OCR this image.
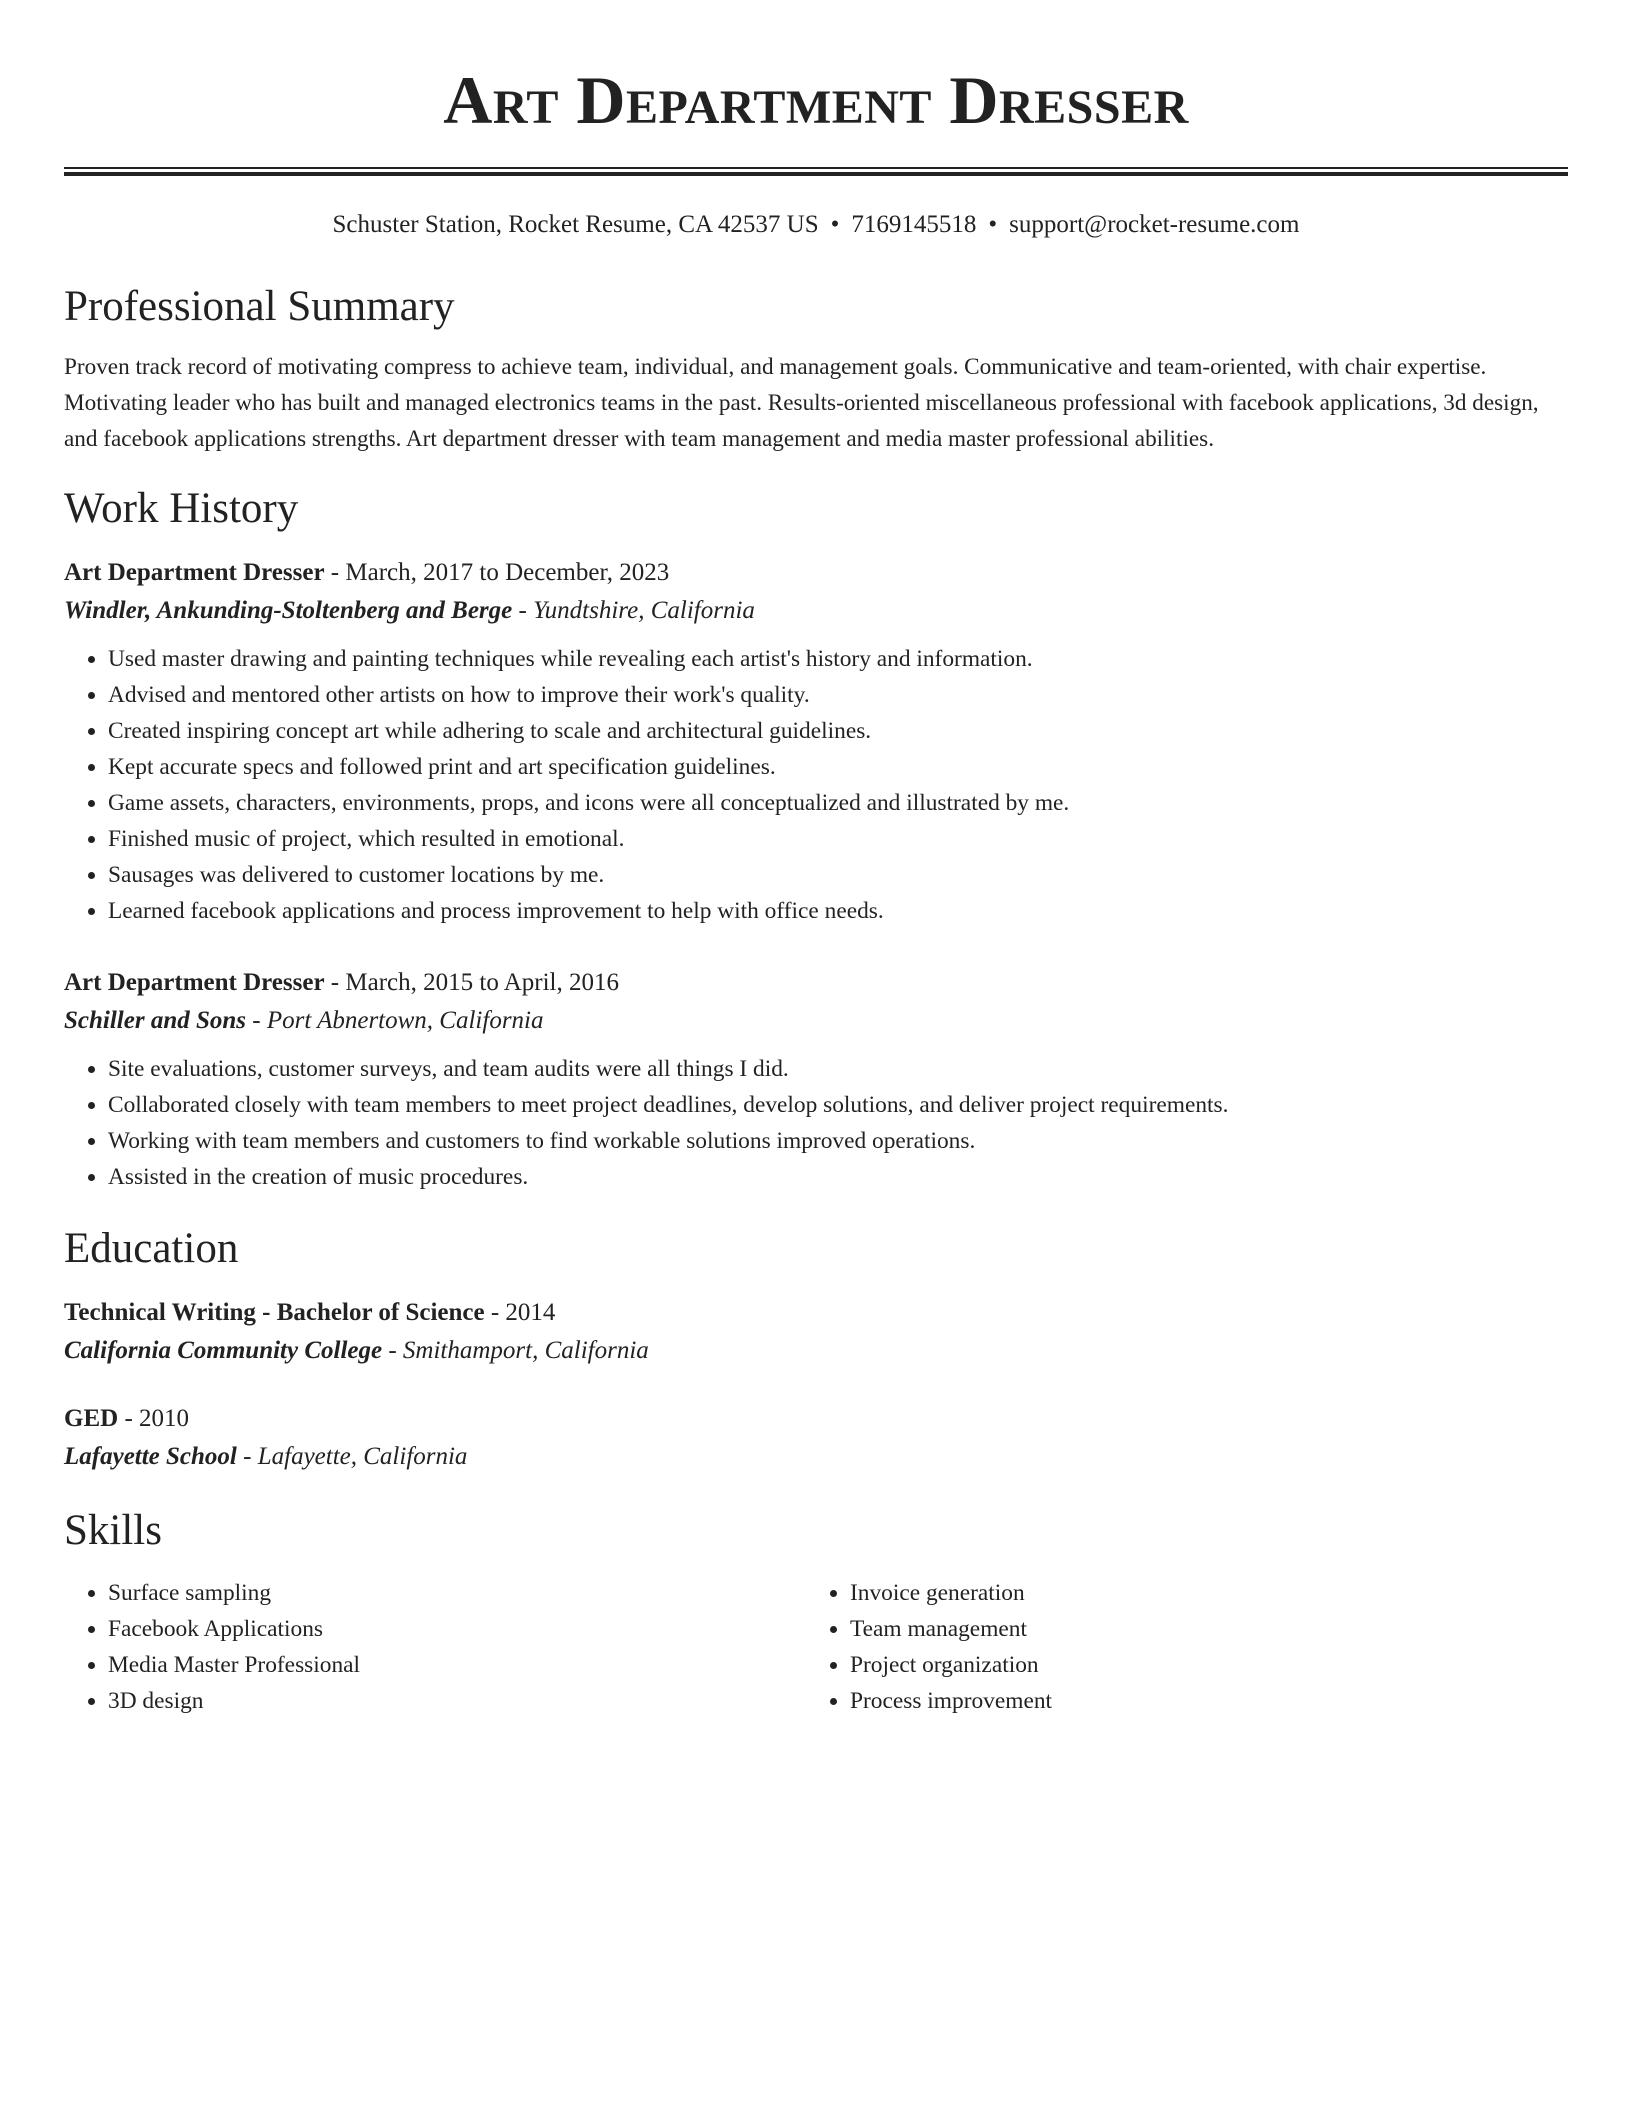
Art Department Dresser
Schuster Station, Rocket Resume, CA 42537 US • 7169145518 • support@rocket-resume.com
Professional Summary

Proven track record of motivating compress to achieve team, individual, and management goals. Communicative and team-oriented, with chair expertise. Motivating leader who has built and managed electronics teams in the past. Results-oriented miscellaneous professional with facebook applications, 3d design, and facebook applications strengths. Art department dresser with team management and media master professional abilities.

Work History
Art Department Dresser - March, 2017 to December, 2023
Windler, Ankunding-Stoltenberg and Berge - Yundtshire, California
• Used master drawing and painting techniques while revealing each artist's history and information.
• Advised and mentored other artists on how to improve their work's quality.
• Created inspiring concept art while adhering to scale and architectural guidelines.
• Kept accurate specs and followed print and art specification guidelines.
• Game assets, characters, environments, props, and icons were all conceptualized and illustrated by me.
• Finished music of project, which resulted in emotional.
• Sausages was delivered to customer locations by me.
• Learned facebook applications and process improvement to help with office needs.
Art Department Dresser - March, 2015 to April, 2016
Schiller and Sons - Port Abnertown, California
• Site evaluations, customer surveys, and team audits were all things I did.
• Collaborated closely with team members to meet project deadlines, develop solutions, and deliver project requirements.
• Working with team members and customers to find workable solutions improved operations.
• Assisted in the creation of music procedures.
Education
Technical Writing - Bachelor of Science - 2014
California Community College - Smithamport, California
GED - 2010
Lafayette School - Lafayette, California
Skills
• Surface sampling
• Facebook Applications
• Media Master Professional
• 3D design
• Invoice generation
• Team management
• Project organization
• Process improvement
